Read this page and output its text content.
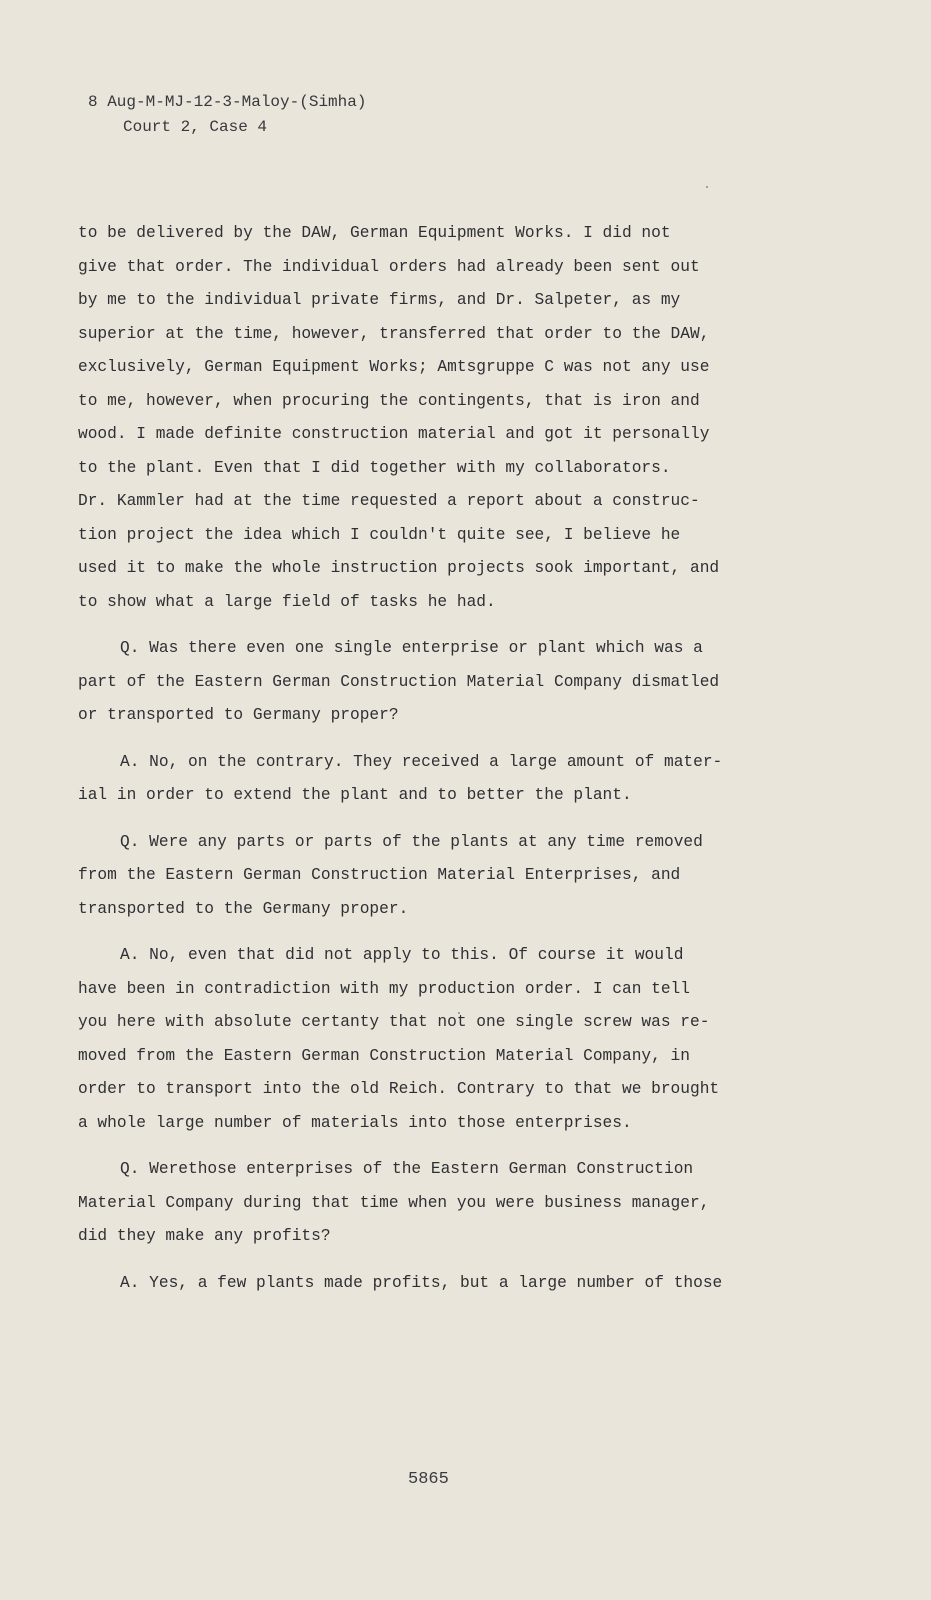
8 Aug-M-MJ-12-3-Maloy-(Simha)
Court 2, Case 4

to be delivered by the DAW, German Equipment Works. I did not
give that order. The individual orders had already been sent out
by me to the individual private firms, and Dr. Salpeter, as my
superior at the time, however, transferred that order to the DAW,
exclusively, German Equipment Works; Amtsgruppe C was not any use
to me, however, when procuring the contingents, that is iron and
wood. I made definite construction material and got it personally
to the plant. Even that I did together with my collaborators.
Dr. Kammler had at the time requested a report about a construc-
tion project the idea which I couldn't quite see, I believe he
used it to make the whole instruction projects sook important, and
to show what a large field of tasks he had.

Q. Was there even one single enterprise or plant which was a
part of the Eastern German Construction Material Company dismatled
or transported to Germany proper?

A. No, on the contrary. They received a large amount of mater-
ial in order to extend the plant and to better the plant.

Q. Were any parts or parts of the plants at any time removed
from the Eastern German Construction Material Enterprises, and
transported to the Germany proper.

A. No, even that did not apply to this. Of course it would
have been in contradiction with my production order. I can tell
you here with absolute certanty that not one single screw was re-
moved from the Eastern German Construction Material Company, in
order to transport into the old Reich. Contrary to that we brought
a whole large number of materials into those enterprises.

Q. Werethose enterprises of the Eastern German Construction
Material Company during that time when you were business manager,
did they make any profits?

A. Yes, a few plants made profits, but a large number of those

5865
